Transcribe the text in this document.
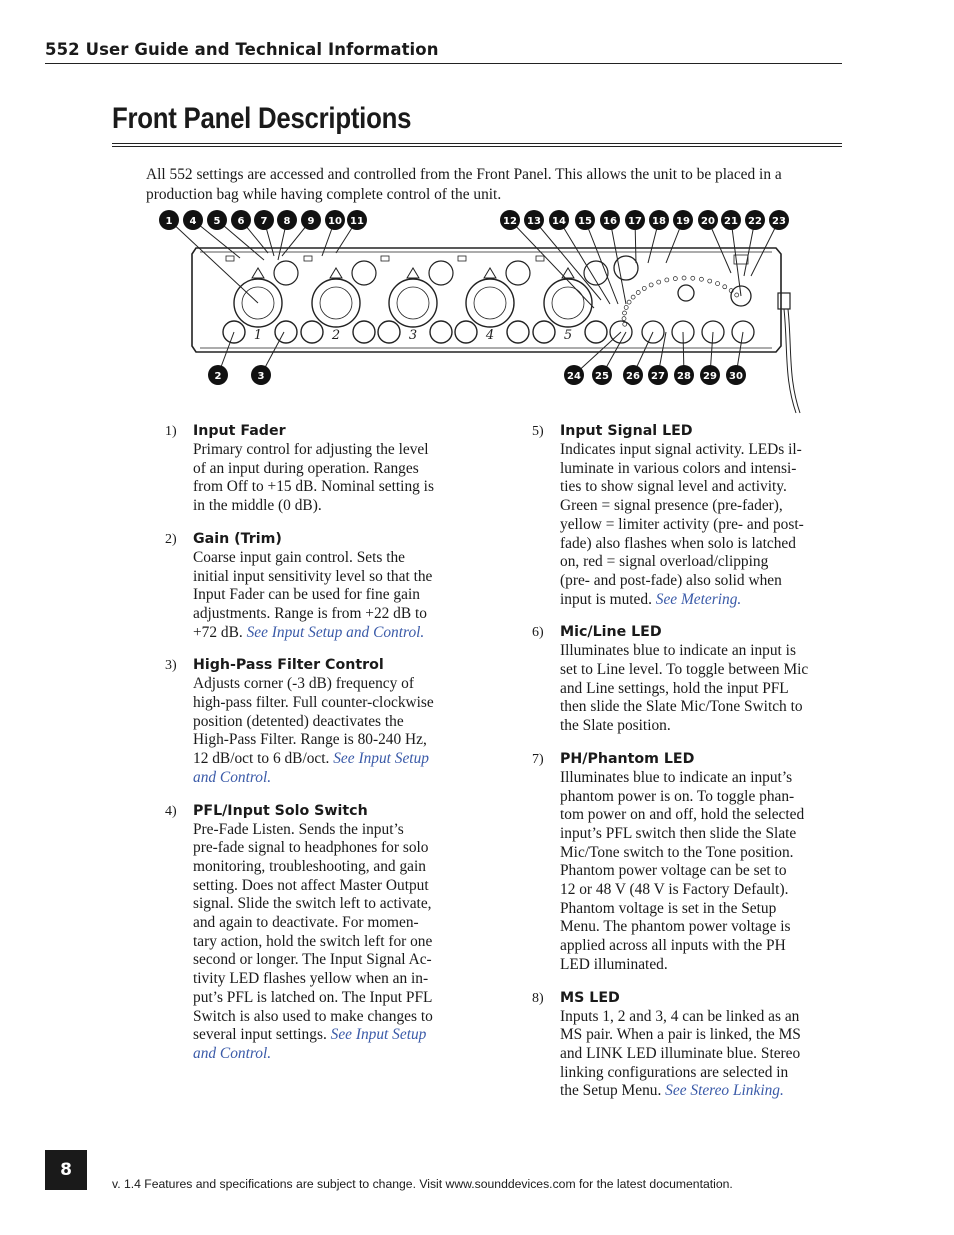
552 User Guide and Technical Information
Front Panel Descriptions
All 552 settings are accessed and controlled from the Front Panel. This allows the unit to be placed in a production bag while having complete control of the unit.
1	2	3	4	5
1 4 5 6 7 8 9 10 11	12 13 14 15 16 17 18 19 20 21 22 23
2	3	24 25 26 27 28 29 30
1) Input Fader
Primary control for adjusting the level
of an input during operation. Ranges
from Off to +15 dB. Nominal setting is
in the middle (0 dB).
2) Gain (Trim)
Coarse input gain control. Sets the
initial input sensitivity level so that the
Input Fader can be used for fine gain
adjustments. Range is from +22 dB to
+72 dB. See Input Setup and Control.
3) High-Pass Filter Control
Adjusts corner (-3 dB) frequency of
high-pass filter. Full counter-clockwise
position (detented) deactivates the
High-Pass Filter. Range is 80-240 Hz,
12 dB/oct to 6 dB/oct. See Input Setup
and Control.
4) PFL/Input Solo Switch
Pre-Fade Listen. Sends the input’s
pre-fade signal to headphones for solo
monitoring, troubleshooting, and gain
setting. Does not affect Master Output
signal. Slide the switch left to activate,
and again to deactivate. For momen-
tary action, hold the switch left for one
second or longer. The Input Signal Ac-
tivity LED flashes yellow when an in-
put’s PFL is latched on. The Input PFL
Switch is also used to make changes to
several input settings. See Input Setup
and Control.
5) Input Signal LED
Indicates input signal activity. LEDs il-
luminate in various colors and intensi-
ties to show signal level and activity.
Green = signal presence (pre-fader),
yellow = limiter activity (pre- and post-
fade) also flashes when solo is latched
on, red = signal overload/clipping
(pre- and post-fade) also solid when
input is muted. See Metering.
6) Mic/Line LED
Illuminates blue to indicate an input is
set to Line level. To toggle between Mic
and Line settings, hold the input PFL
then slide the Slate Mic/Tone Switch to
the Slate position.
7) PH/Phantom LED
Illuminates blue to indicate an input’s
phantom power is on. To toggle phan-
tom power on and off, hold the selected
input’s PFL switch then slide the Slate
Mic/Tone switch to the Tone position.
Phantom power voltage can be set to
12 or 48 V (48 V is Factory Default).
Phantom voltage is set in the Setup
Menu. The phantom power voltage is
applied across all inputs with the PH
LED illuminated.
8) MS LED
Inputs 1, 2 and 3, 4 can be linked as an
MS pair. When a pair is linked, the MS
and LINK LED illuminate blue. Stereo
linking configurations are selected in
the Setup Menu. See Stereo Linking.
8
v. 1.4 Features and specifications are subject to change. Visit www.sounddevices.com for the latest documentation.
